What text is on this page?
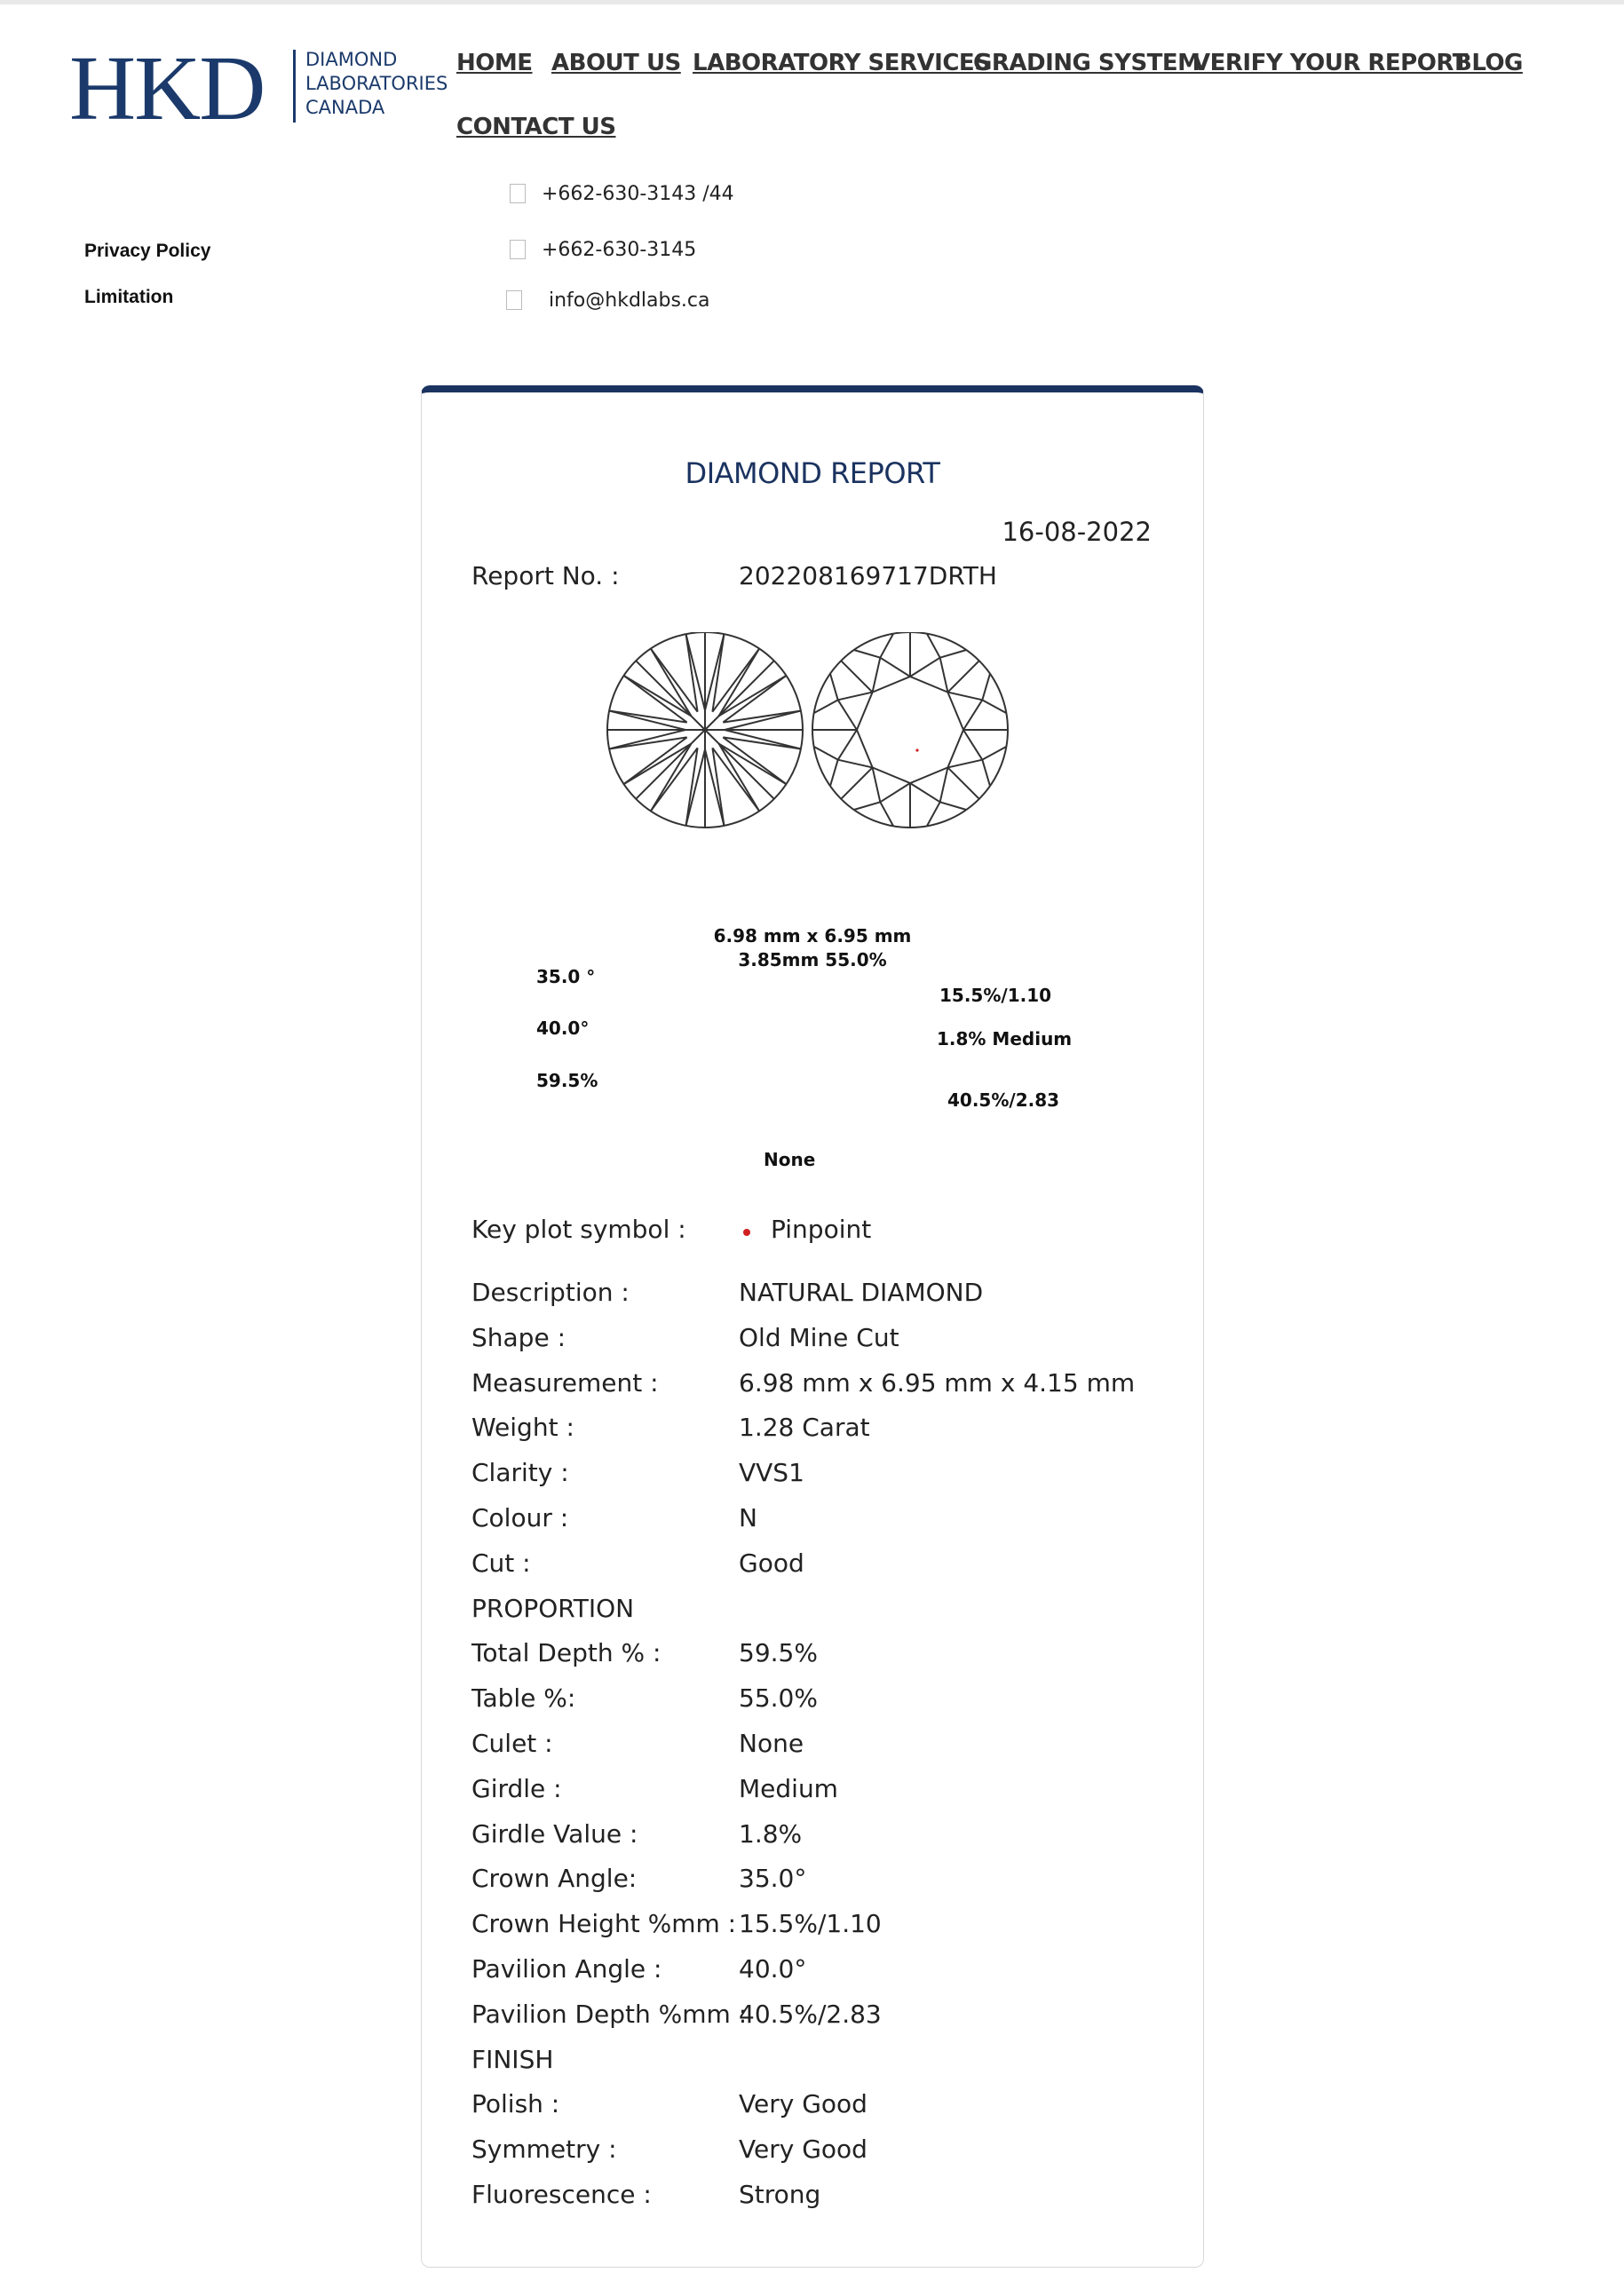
HKD DIAMOND
LABORATORIES
CANADA
HOME ABOUT US LABORATORY SERVICES
GRADING SYSTEM
VERIFY YOUR REPORT
BLOG
CONTACT US
+662-630-3143 /44
+662-630-3145
info@hkdlabs.ca
Privacy Policy
Limitation
DIAMOND REPORT
16-08-2022
Report No. :	202208169717DRTH
6.98 mm x 6.95 mm
3.85mm 55.0%
35.0 °
40.0°
59.5%
15.5%/1.10
1.8% Medium
40.5%/2.83
None
Key plot symbol :	Pinpoint
Description :	NATURAL DIAMOND
Shape :	Old Mine Cut
Measurement :	6.98 mm x 6.95 mm x 4.15 mm
Weight :	1.28 Carat
Clarity :	VVS1
Colour :	N
Cut :	Good
PROPORTION
Total Depth % :	59.5%
Table %:	55.0%
Culet :	None
Girdle :	Medium
Girdle Value :	1.8%
Crown Angle:	35.0°
Crown Height %mm : 15.5%/1.10
Pavilion Angle :	40.0°
Pavilion Depth %mm :
40.5%/2.83
FINISH
Polish :	Very Good
Symmetry :	Very Good
Fluorescence :	Strong
